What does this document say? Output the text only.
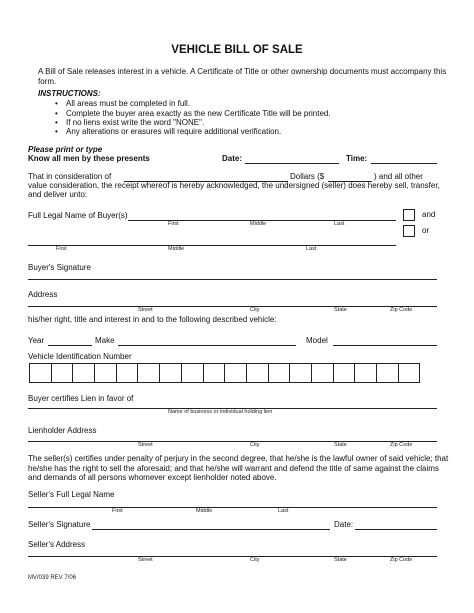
VEHICLE BILL OF SALE
A Bill of Sale releases interest in a vehicle. A Certificate of Title or other ownership documents must accompany this
form.
INSTRUCTIONS:
• All areas must be completed in full.
• Complete the buyer area exactly as the new Certificate Title will be printed.
• If no liens exist write the word "NONE".
• Any alterations or erasures will require additional verification.
Please print or type
Know all men by these presents	Date:	Time:
That in consideration of	Dollars ($	) and all other
value consideration, the receipt whereof is hereby acknowledged, the undersigned (seller) does hereby sell, transfer,
and deliver unto:
Full Legal Name of Buyer(s)
First	Middle	Last
and
or
First	Middle	Last
Buyer's Signature
Address
Street	City	State	Zip Code
his/her right, title and interest in and to the following described vehicle:
Year	Make	Model
Vehicle Identification Number
Buyer certifies Lien in favor of
Name of business or individual holding lien
Lienholder Address
Street	City	State	Zip Code
The seller(s) certifies under penalty of perjury in the second degree, that he/she is the lawful owner of said vehicle; that
he/she has the right to sell the aforesaid; and that he/she will warrant and defend the title of same against the claims
and demands of all persons whomever except lienholder noted above.
Seller's Full Legal Name
First	Middle	Last
Seller's Signature	Date:
Seller's Address
Street	City	State	Zip Code
MV/039 REV 7/06
